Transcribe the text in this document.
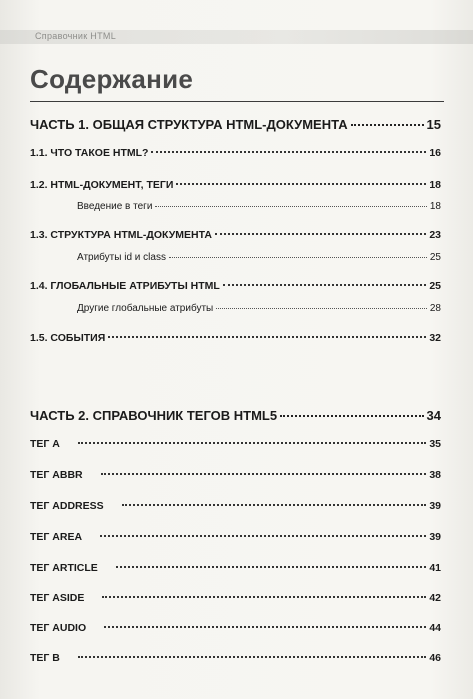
Справочник HTML
Содержание
ЧАСТЬ 1. ОБЩАЯ СТРУКТУРА HTML-ДОКУМЕНТА	15
1.1. ЧТО ТАКОЕ HTML?	16
1.2. HTML-ДОКУМЕНТ, ТЕГИ	18
Введение в теги	18
1.3. СТРУКТУРА HTML-ДОКУМЕНТА	23
Атрибуты id и class	25
1.4. ГЛОБАЛЬНЫЕ АТРИБУТЫ HTML	25
Другие глобальные атрибуты	28
1.5. СОБЫТИЯ	32
ЧАСТЬ 2. СПРАВОЧНИК ТЕГОВ HTML5	34
ТЕГ A	35
ТЕГ ABBR	38
ТЕГ ADDRESS	39
ТЕГ AREA	39
ТЕГ ARTICLE	41
ТЕГ ASIDE	42
ТЕГ AUDIO	44
ТЕГ B	46
